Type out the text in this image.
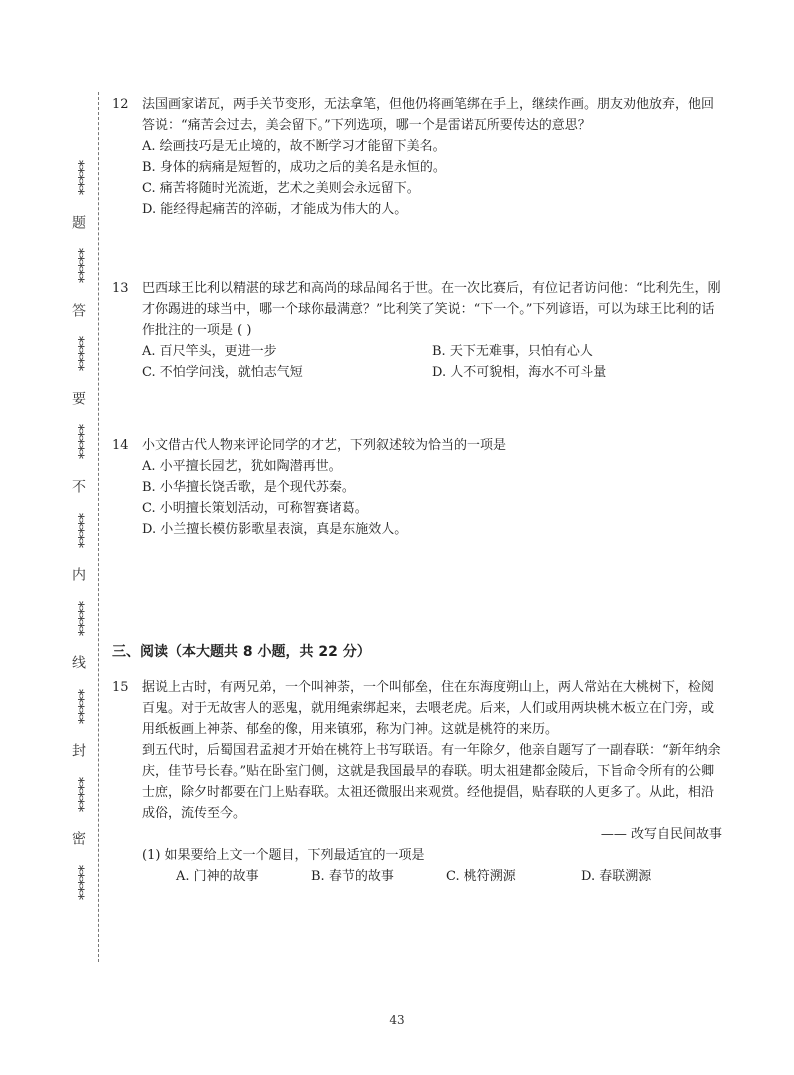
*****
题
*****
答
*****
要
*****
不
*****
内
*****
线
*****
封
*****
密
*****
12 法国画家诺瓦，两手关节变形，无法拿笔，但他仍将画笔绑在手上，继续作画。朋友劝他放弃，他回答说：“痛苦会过去，美会留下。”下列选项，哪一个是雷诺瓦所要传达的意思？
A. 绘画技巧是无止境的，故不断学习才能留下美名。
B. 身体的病痛是短暂的，成功之后的美名是永恒的。
C. 痛苦将随时光流逝，艺术之美则会永远留下。
D. 能经得起痛苦的淬砺，才能成为伟大的人。
13 巴西球王比利以精湛的球艺和高尚的球品闻名于世。在一次比赛后，有位记者访问他：“比利先生，刚才你踢进的球当中，哪一个球你最满意？”比利笑了笑说：“下一个。”下列谚语，可以为球王比利的话作批注的一项是 ( )
A. 百尺竿头，更进一步	B. 天下无难事，只怕有心人
C. 不怕学问浅，就怕志气短	D. 人不可貌相，海水不可斗量
14 小文借古代人物来评论同学的才艺，下列叙述较为恰当的一项是
A. 小平擅长园艺，犹如陶潜再世。
B. 小华擅长饶舌歌，是个现代苏秦。
C. 小明擅长策划活动，可称智赛诸葛。
D. 小兰擅长模仿影歌星表演，真是东施效人。
三、阅读（本大题共 8 小题，共 22 分）
15 据说上古时，有两兄弟，一个叫神荼，一个叫郁垒，住在东海度朔山上，两人常站在大桃树下，检阅百鬼。对于无故害人的恶鬼，就用绳索绑起来，去喂老虎。后来，人们或用两块桃木板立在门旁，或用纸板画上神荼、郁垒的像，用来镇邪，称为门神。这就是桃符的来历。
到五代时，后蜀国君孟昶才开始在桃符上书写联语。有一年除夕，他亲自题写了一副春联：“新年纳余庆，佳节号长春。”贴在卧室门侧，这就是我国最早的春联。明太祖建都金陵后，下旨命令所有的公卿士庶，除夕时都要在门上贴春联。太祖还微服出来观赏。经他提倡，贴春联的人更多了。从此，相沿成俗，流传至今。
—— 改写自民间故事
(1) 如果要给上文一个题目，下列最适宜的一项是
A. 门神的故事	B. 春节的故事	C. 桃符溯源	D. 春联溯源
43
